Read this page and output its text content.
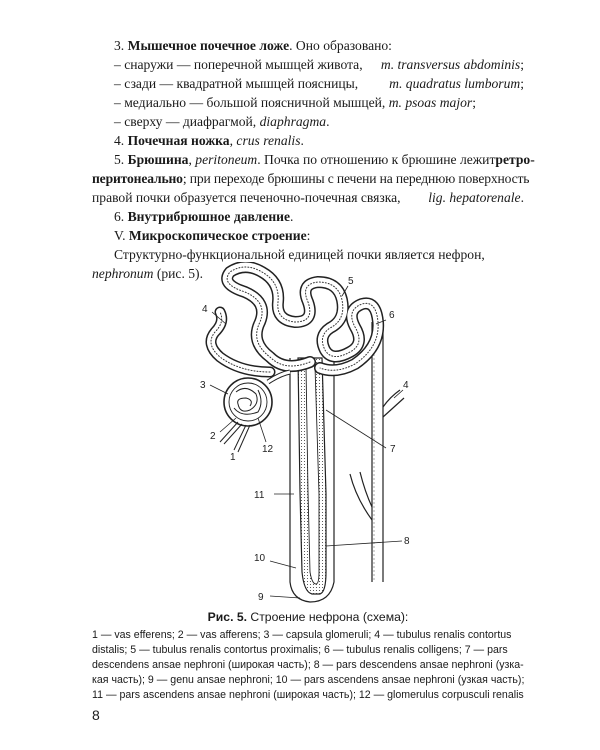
3.
Мышечное почечное ложе . Оно образовано:
– снаружи — поперечной мышцей живота, m. transversus abdominis;
– сзади — квадратной мышцей поясницы, m. quadratus lumborum;
– медиально — большой поясничной мышцей,
m. psoas major ;
– сверху — диафрагмой,
diaphragma .
4.
Почечная ножка ,
crus renalis .
5. Брюшина, peritoneum. Почка по отношению к брюшине лежит ретро-
перитонеально ; при переходе брюшины с печени на переднюю поверхность
правой почки образуется печеночно-почечная связка, lig. hepatorenale.
6.
Внутрибрюшное давление .
V.
Микроскопическое строение :
Структурно-функциональной единицей почки является нефрон,
nephronum
(рис. 5).
4
5
6
4
3
2
1
12	7
11
8
10
9
Рис. 5. Строение нефрона (схема):
1 — vas efferens; 2 — vas afferens; 3 — capsula glomeruli; 4 — tubulus renalis contortus
distalis; 5 — tubulus renalis contortus proximalis; 6 — tubulus renalis colligens; 7 — pars
descendens ansae nephroni (широкая часть); 8 — pars descendens ansae nephroni (узка-
кая часть); 9 — genu ansae nephroni; 10 — pars ascendens ansae nephroni (узкая часть);
11 — pars ascendens ansae nephroni (широкая часть); 12 — glomerulus corpusculi renalis
8
